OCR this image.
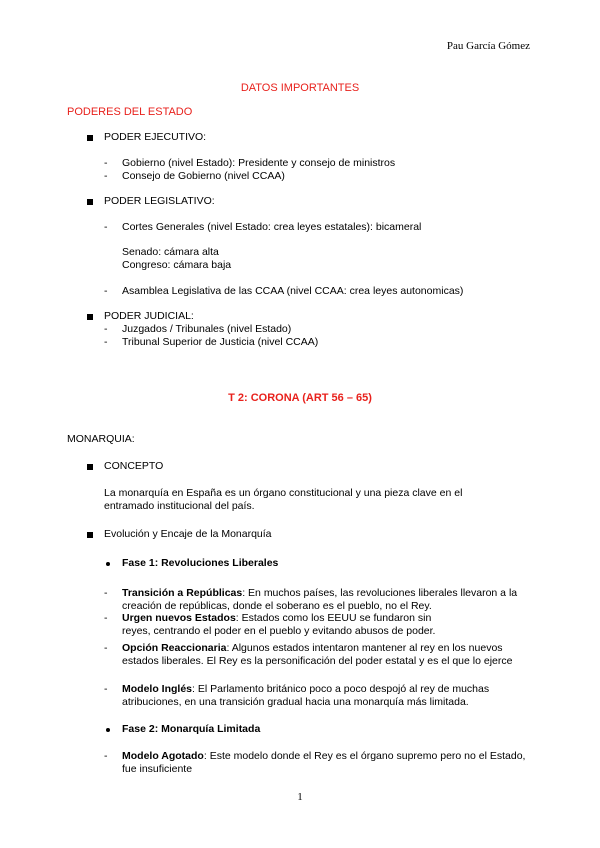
Pau García Gómez
DATOS IMPORTANTES
PODERES DEL ESTADO
PODER EJECUTIVO:
- Gobierno (nivel Estado): Presidente y consejo de ministros
- Consejo de Gobierno (nivel CCAA)
PODER LEGISLATIVO:
- Cortes Generales (nivel Estado: crea leyes estatales): bicameral
Senado: cámara alta
Congreso: cámara baja
- Asamblea Legislativa de las CCAA (nivel CCAA: crea leyes autonomicas)
PODER JUDICIAL:
- Juzgados / Tribunales (nivel Estado)
- Tribunal Superior de Justicia (nivel CCAA)
T 2: CORONA (ART 56 – 65)
MONARQUIA:
CONCEPTO
La monarquía en España es un órgano constitucional y una pieza clave en el entramado institucional del país.
Evolución y Encaje de la Monarquía
Fase 1: Revoluciones Liberales
- Transición a Repúblicas: En muchos países, las revoluciones liberales llevaron a la creación de repúblicas, donde el soberano es el pueblo, no el Rey.
- Urgen nuevos Estados: Estados como los EEUU se fundaron sin reyes, centrando el poder en el pueblo y evitando abusos de poder.
- Opción Reaccionaria: Algunos estados intentaron mantener al rey en los nuevos estados liberales. El Rey es la personificación del poder estatal y es el que lo ejerce
- Modelo Inglés: El Parlamento británico poco a poco despojó al rey de muchas atribuciones, en una transición gradual hacia una monarquía más limitada.
Fase 2: Monarquía Limitada
- Modelo Agotado: Este modelo donde el Rey es el órgano supremo pero no el Estado, fue insuficiente
1
